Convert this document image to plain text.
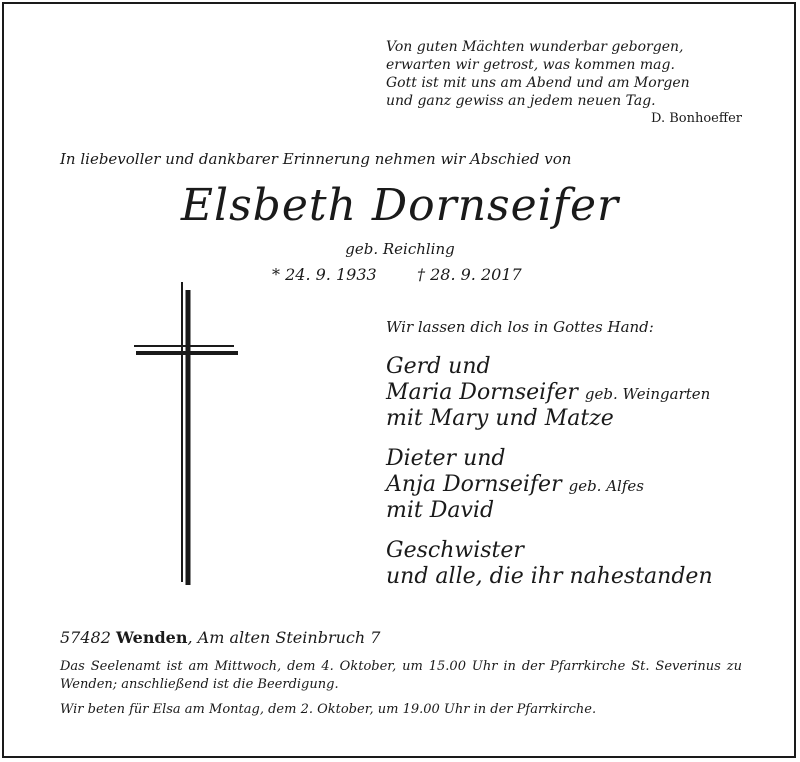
Von guten Mächten wunderbar geborgen,
erwarten wir getrost, was kommen mag.
Gott ist mit uns am Abend und am Morgen
und ganz gewiss an jedem neuen Tag.
D. Bonhoeffer
In liebevoller und dankbarer Erinnerung nehmen wir Abschied von
Elsbeth Dornseifer
geb. Reichling
* 24. 9. 1933	† 28. 9. 2017
Wir lassen dich los in Gottes Hand:
Gerd und
Maria Dornseifer geb. Weingarten
mit Mary und Matze
Dieter und
Anja Dornseifer geb. Alfes
mit David
Geschwister
und alle, die ihr nahestanden
57482 Wenden, Am alten Steinbruch 7
Das Seelenamt ist am Mittwoch, dem 4. Oktober, um 15.00 Uhr in der Pfarrkirche St. Severinus zu Wenden; anschließend ist die Beerdigung.
Wir beten für Elsa am Montag, dem 2. Oktober, um 19.00 Uhr in der Pfarrkirche.
